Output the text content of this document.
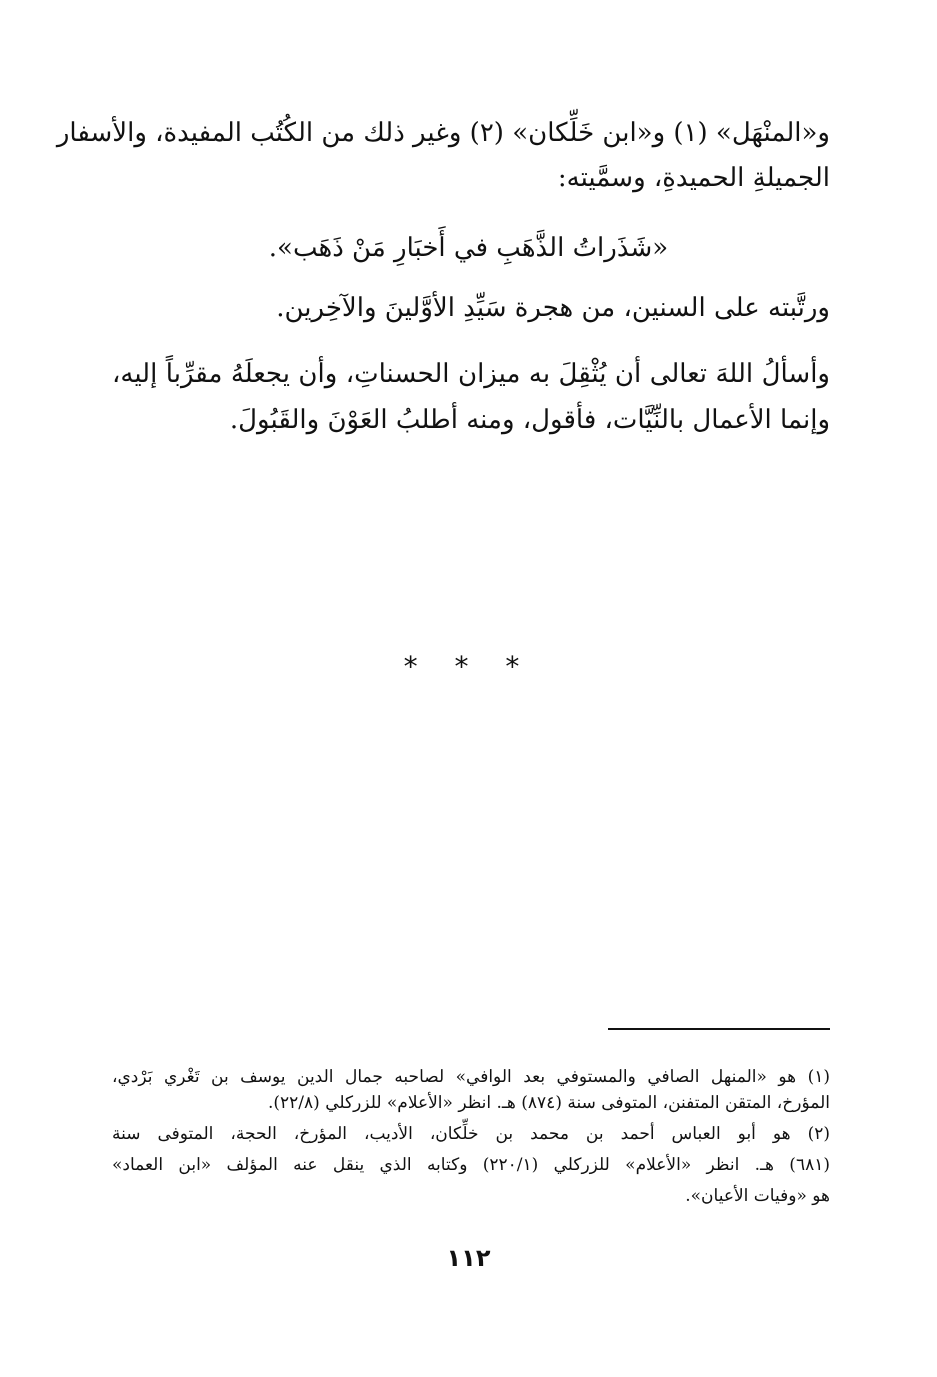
و«المنْهَل» (١) و«ابن خَلِّكان» (٢) وغير ذلك من الكُتُب المفيدة، والأسفار
الجميلةِ الحميدةِ، وسمَّيته:
«شَذَراتُ الذَّهَبِ في أَخبَارِ مَنْ ذَهَب».
ورتَّبته على السنين، من هجرة سَيِّدِ الأوَّلينَ والآخِرين.
وأسألُ اللهَ تعالى أن يُثْقِلَ به ميزان الحسناتِ، وأن يجعلَهُ مقرِّباً إليه،
وإنما الأعمال بالنِّيَّات، فأقول، ومنه أطلبُ العَوْنَ والقَبُولَ.
* * *
(١) هو «المنهل الصافي والمستوفي بعد الوافي» لصاحبه جمال الدين يوسف بن تَغْري بَرْدي،
المؤرخ، المتقن المتفنن، المتوفى سنة (٨٧٤) هـ. انظر «الأعلام» للزركلي (٢٢/٨).
(٢) هو أبو العباس أحمد بن محمد بن خلِّكان، الأديب، المؤرخ، الحجة، المتوفى سنة
(٦٨١) هـ. انظر «الأعلام» للزركلي (٢٢٠/١) وكتابه الذي ينقل عنه المؤلف «ابن العماد»
هو «وفيات الأعيان».
١١٢
